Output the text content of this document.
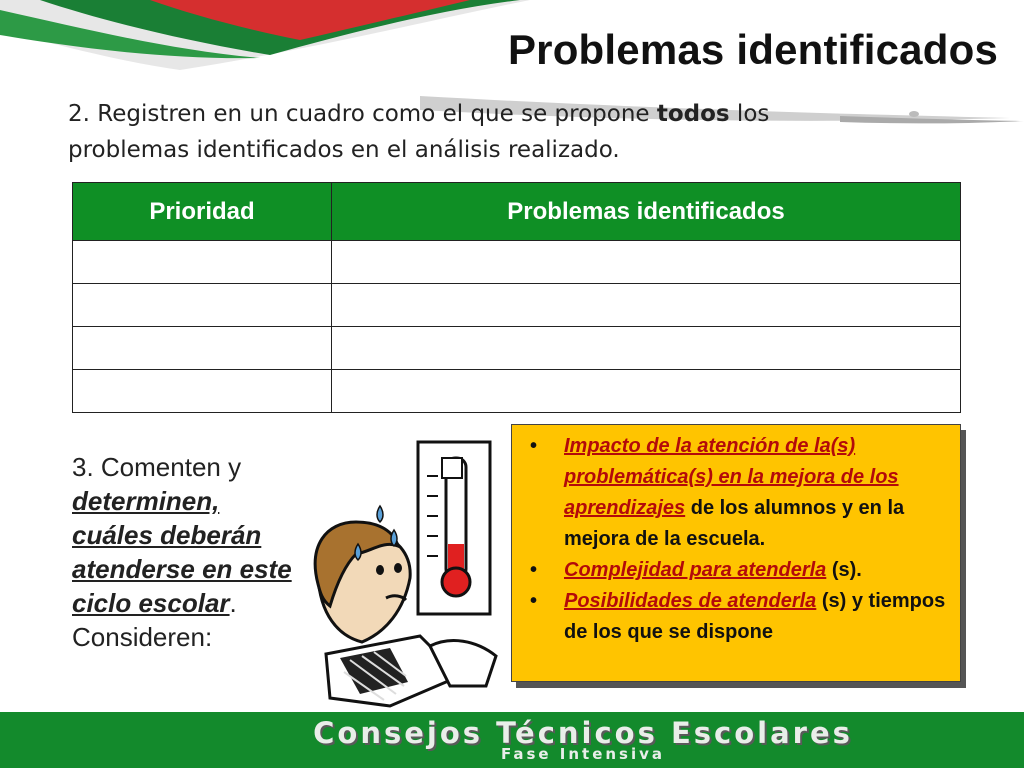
Problemas identificados
2. Registren en un cuadro como el que se propone todos los problemas identificados en el análisis realizado.
Prioridad	Problemas identificados

3. Comenten y determinen, cuáles deberán atenderse en este ciclo escolar. Consideren:
• Impacto de la atención de la(s) problemática(s) en la mejora de los aprendizajes de los alumnos y en la mejora de la escuela.
• Complejidad para atenderla (s).
• Posibilidades de atenderla (s) y tiempos de los que se dispone
Consejos Técnicos Escolares
Fase Intensiva
